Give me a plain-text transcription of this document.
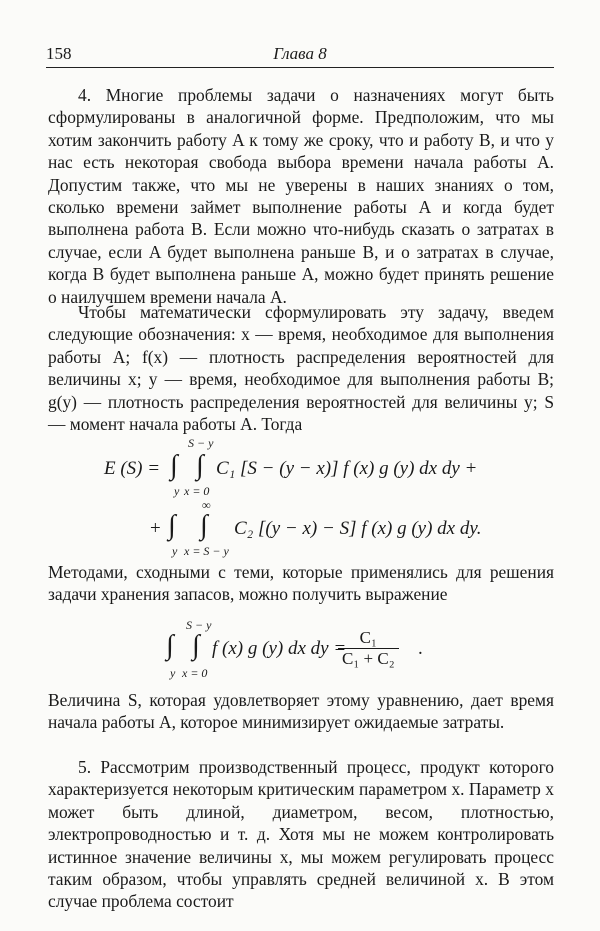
158	Глава 8

4. Многие проблемы задачи о назначениях могут быть сформулированы в аналогичной форме. Предположим, что мы хотим закончить работу A к тому же сроку, что и работу B, и что у нас есть некоторая свобода выбора времени начала работы A. Допустим также, что мы не уверены в наших знаниях о том, сколько времени займет выполнение работы A и когда будет выполнена работа B. Если можно что-нибудь сказать о затратах в случае, если A будет выполнена раньше B, и о затратах в случае, когда B будет выполнена раньше A, можно будет принять решение о наилучшем времени начала A.

Чтобы математически сформулировать эту задачу, введем следующие обозначения: x — время, необходимое для выполнения работы A; f(x) — плотность распределения вероятностей для величины x; y — время, необходимое для выполнения работы B; g(y) — плотность распределения вероятностей для величины y; S — момент начала работы A. Тогда

E (S) = ∫
y
∫
S − y
x = 0
C₁ [S − (y − x)] f (x) g (y) dx dy +
+ ∫
y
∫
∞
x = S − y
C₂ [(y − x) − S] f (x) g (y) dx dy.

Методами, сходными с теми, которые применялись для решения задачи хранения запасов, можно получить выражение

∫
y
∫
S − y
x = 0
f (x) g (y) dx dy =
$\frac{\text{C₁}}{\text{C₁ + C₂}}$ .

Величина S, которая удовлетворяет этому уравнению, дает время начала работы A, которое минимизирует ожидаемые затраты.

5. Рассмотрим производственный процесс, продукт которого характеризуется некоторым критическим параметром x. Параметр x может быть длиной, диаметром, весом, плотностью, электропроводностью и т. д. Хотя мы не можем контролировать истинное значение величины x, мы можем регулировать процесс таким образом, чтобы управлять средней величиной x. В этом случае проблема состоит
